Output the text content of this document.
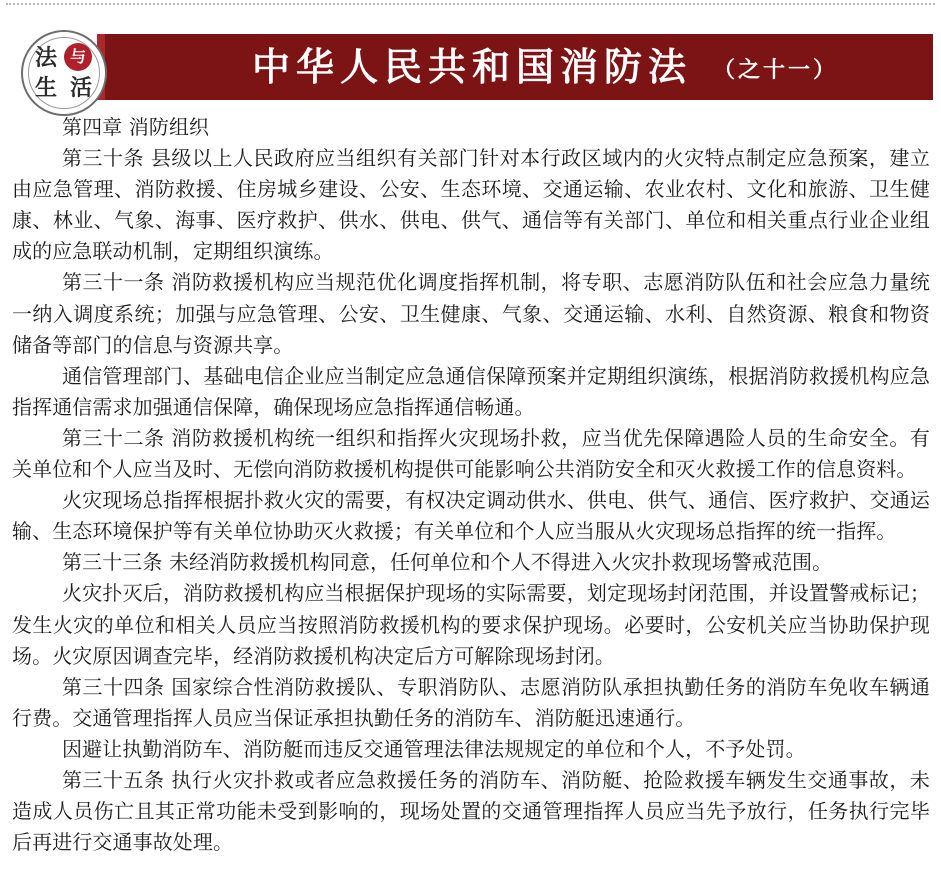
中华人民共和国消防法 （之十一）
法 与
生 活

第四章 消防组织

第三十条 县级以上人民政府应当组织有关部门针对本行政区域内的火灾特点制定应急预案，建立由应急管理、消防救援、住房城乡建设、公安、生态环境、交通运输、农业农村、文化和旅游、卫生健康、林业、气象、海事、医疗救护、供水、供电、供气、通信等有关部门、单位和相关重点行业企业组成的应急联动机制，定期组织演练。

第三十一条 消防救援机构应当规范优化调度指挥机制，将专职、志愿消防队伍和社会应急力量统一纳入调度系统；加强与应急管理、公安、卫生健康、气象、交通运输、水利、自然资源、粮食和物资储备等部门的信息与资源共享。

通信管理部门、基础电信企业应当制定应急通信保障预案并定期组织演练，根据消防救援机构应急指挥通信需求加强通信保障，确保现场应急指挥通信畅通。

第三十二条 消防救援机构统一组织和指挥火灾现场扑救，应当优先保障遇险人员的生命安全。有关单位和个人应当及时、无偿向消防救援机构提供可能影响公共消防安全和灭火救援工作的信息资料。

火灾现场总指挥根据扑救火灾的需要，有权决定调动供水、供电、供气、通信、医疗救护、交通运输、生态环境保护等有关单位协助灭火救援；有关单位和个人应当服从火灾现场总指挥的统一指挥。

第三十三条 未经消防救援机构同意，任何单位和个人不得进入火灾扑救现场警戒范围。

火灾扑灭后，消防救援机构应当根据保护现场的实际需要，划定现场封闭范围，并设置警戒标记；发生火灾的单位和相关人员应当按照消防救援机构的要求保护现场。必要时，公安机关应当协助保护现场。火灾原因调查完毕，经消防救援机构决定后方可解除现场封闭。

第三十四条 国家综合性消防救援队、专职消防队、志愿消防队承担执勤任务的消防车免收车辆通行费。交通管理指挥人员应当保证承担执勤任务的消防车、消防艇迅速通行。

因避让执勤消防车、消防艇而违反交通管理法律法规规定的单位和个人，不予处罚。

第三十五条 执行火灾扑救或者应急救援任务的消防车、消防艇、抢险救援车辆发生交通事故，未造成人员伤亡且其正常功能未受到影响的，现场处置的交通管理指挥人员应当先予放行，任务执行完毕后再进行交通事故处理。
